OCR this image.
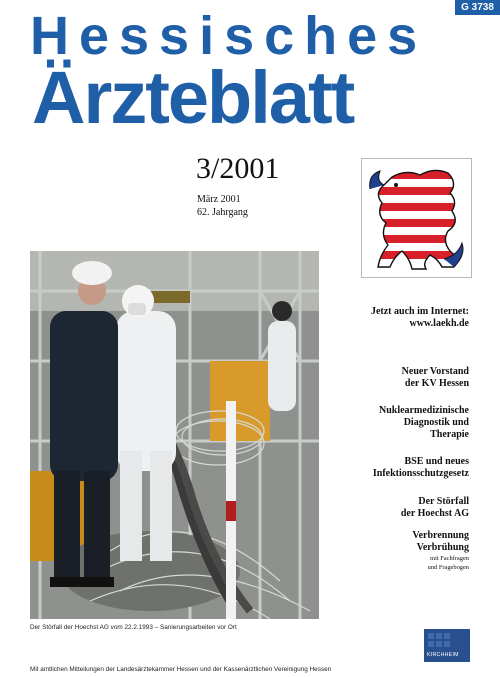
G 3738
Hessisches
Ärzteblatt
3/2001
März 2001
62. Jahrgang
Der Störfall der Hoechst AG vom 22.2.1993 – Sanierungsarbeiten vor Ort
Jetzt auch im Internet:
www.laekh.de
Neuer Vorstand
der KV Hessen
Nuklearmedizinische
Diagnostik und
Therapie
BSE und neues
Infektionsschutzgesetz
Der Störfall
der Hoechst AG
Verbrennung
Verbrühung
mit Fachfragen
und Fragebogen
KIRCHHEIM
Mit amtlichen Mitteilungen der Landesärztekammer Hessen und der Kassenärztlichen Vereinigung Hessen
